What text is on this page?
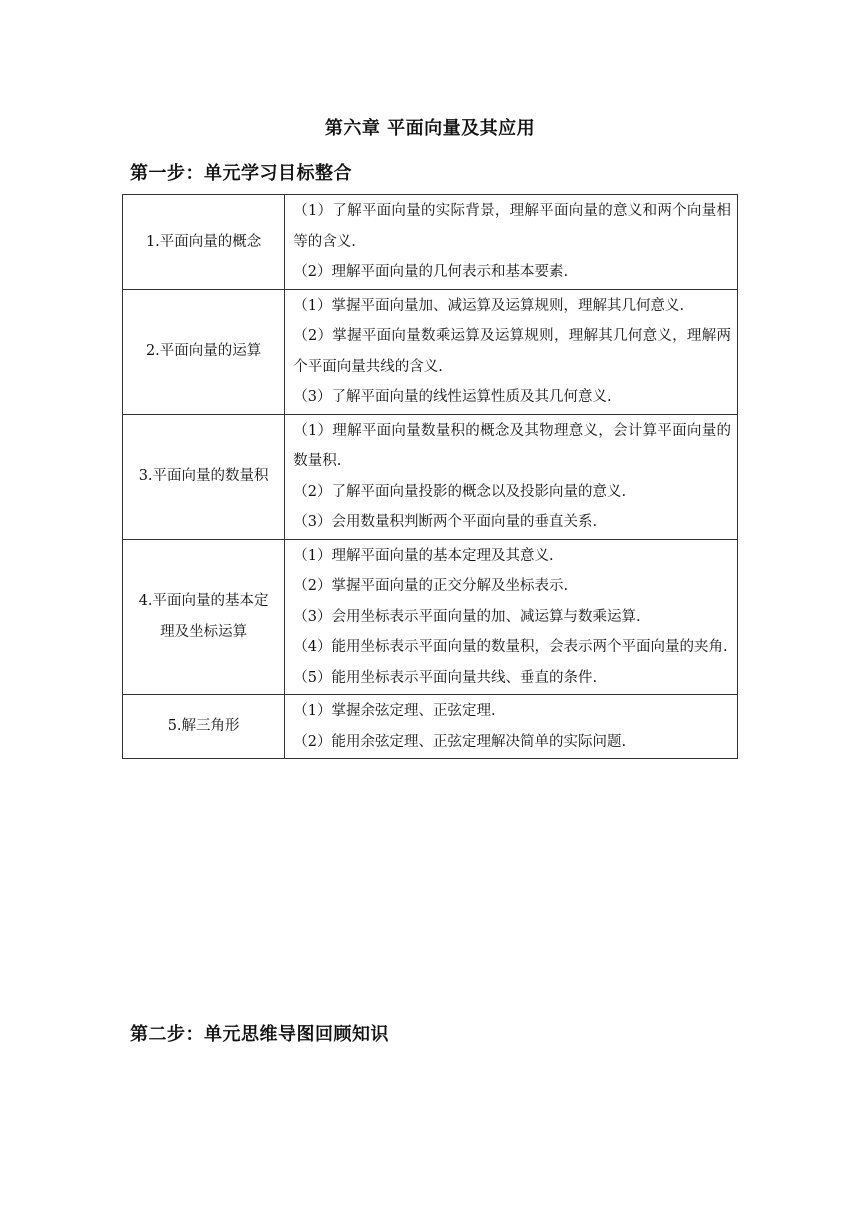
第六章 平面向量及其应用
第一步：单元学习目标整合
1.平面向量的概念	（1）了解平面向量的实际背景，理解平面向量的意义和两个向量相等的含义.

（2）理解平面向量的几何表示和基本要素.

2.平面向量的运算	（1）掌握平面向量加、减运算及运算规则，理解其几何意义.

（2）掌握平面向量数乘运算及运算规则，理解其几何意义，理解两个平面向量共线的含义.

（3）了解平面向量的线性运算性质及其几何意义.

3.平面向量的数量积	（1）理解平面向量数量积的概念及其物理意义，会计算平面向量的数量积.

（2）了解平面向量投影的概念以及投影向量的意义.

（3）会用数量积判断两个平面向量的垂直关系.

4.平面向量的基本定理及坐标运算	（1）理解平面向量的基本定理及其意义.

（2）掌握平面向量的正交分解及坐标表示.

（3）会用坐标表示平面向量的加、减运算与数乘运算.

（4）能用坐标表示平面向量的数量积，会表示两个平面向量的夹角.

（5）能用坐标表示平面向量共线、垂直的条件.

5.解三角形	（1）掌握余弦定理、正弦定理.

（2）能用余弦定理、正弦定理解决简单的实际问题.

第二步：单元思维导图回顾知识
